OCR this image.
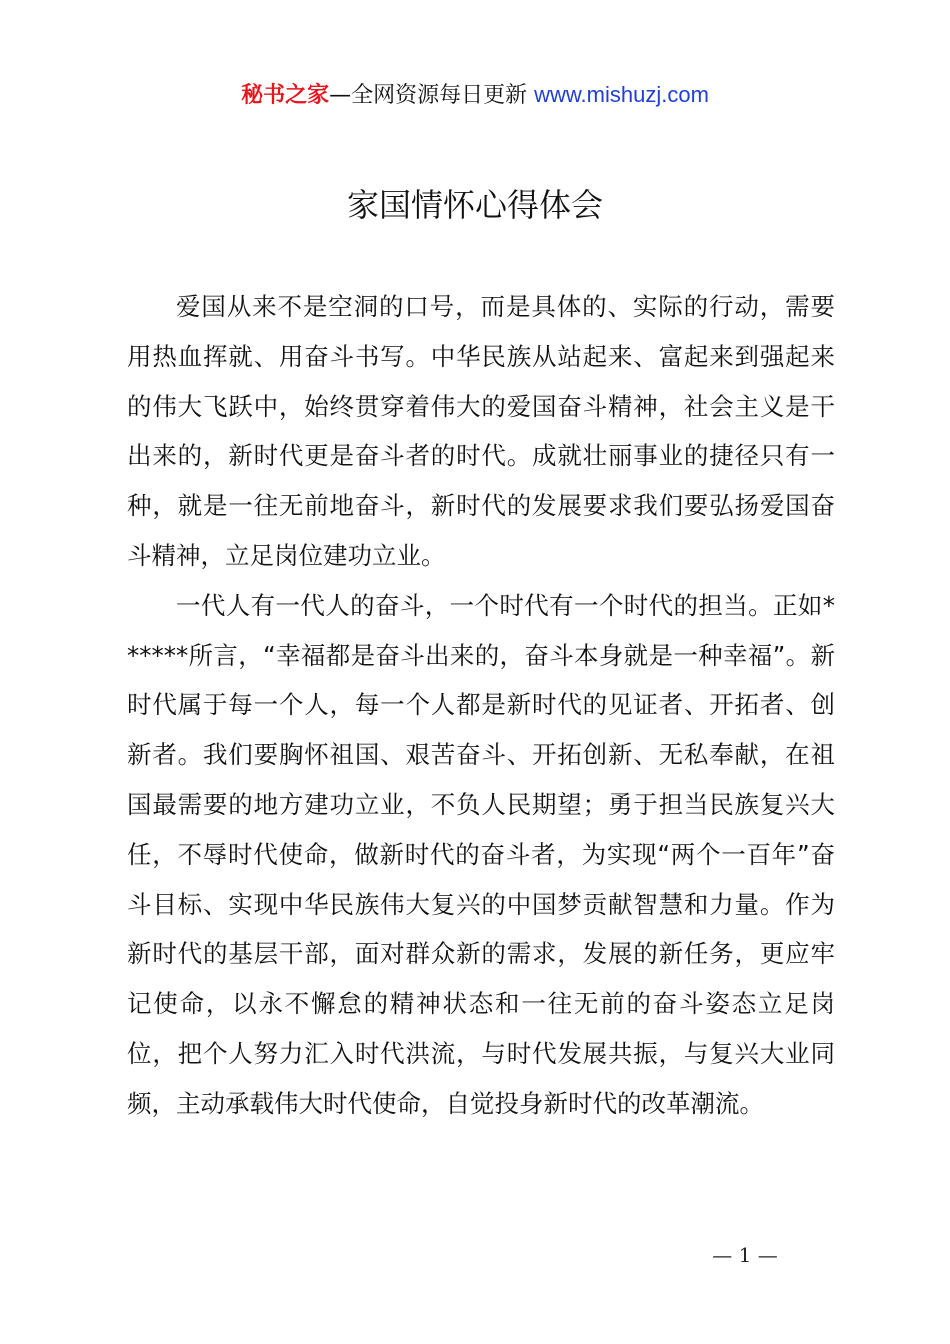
秘书之家—全网资源每日更新 www.mishuzj.com
家国情怀心得体会

爱国从来不是空洞的口号，而是具体的、实际的行动，需要用热血挥就、用奋斗书写。中华民族从站起来、富起来到强起来的伟大飞跃中，始终贯穿着伟大的爱国奋斗精神，社会主义是干出来的，新时代更是奋斗者的时代。成就壮丽事业的捷径只有一种，就是一往无前地奋斗，新时代的发展要求我们要弘扬爱国奋斗精神，立足岗位建功立业。

一代人有一代人的奋斗，一个时代有一个时代的担当。正如******所言，“幸福都是奋斗出来的，奋斗本身就是一种幸福”。新时代属于每一个人，每一个人都是新时代的见证者、开拓者、创新者。我们要胸怀祖国、艰苦奋斗、开拓创新、无私奉献，在祖国最需要的地方建功立业，不负人民期望；勇于担当民族复兴大任，不辱时代使命，做新时代的奋斗者，为实现“两个一百年”奋斗目标、实现中华民族伟大复兴的中国梦贡献智慧和力量。作为新时代的基层干部，面对群众新的需求，发展的新任务，更应牢记使命，以永不懈怠的精神状态和一往无前的奋斗姿态立足岗位，把个人努力汇入时代洪流，与时代发展共振，与复兴大业同频，主动承载伟大时代使命，自觉投身新时代的改革潮流。

— 1 —
